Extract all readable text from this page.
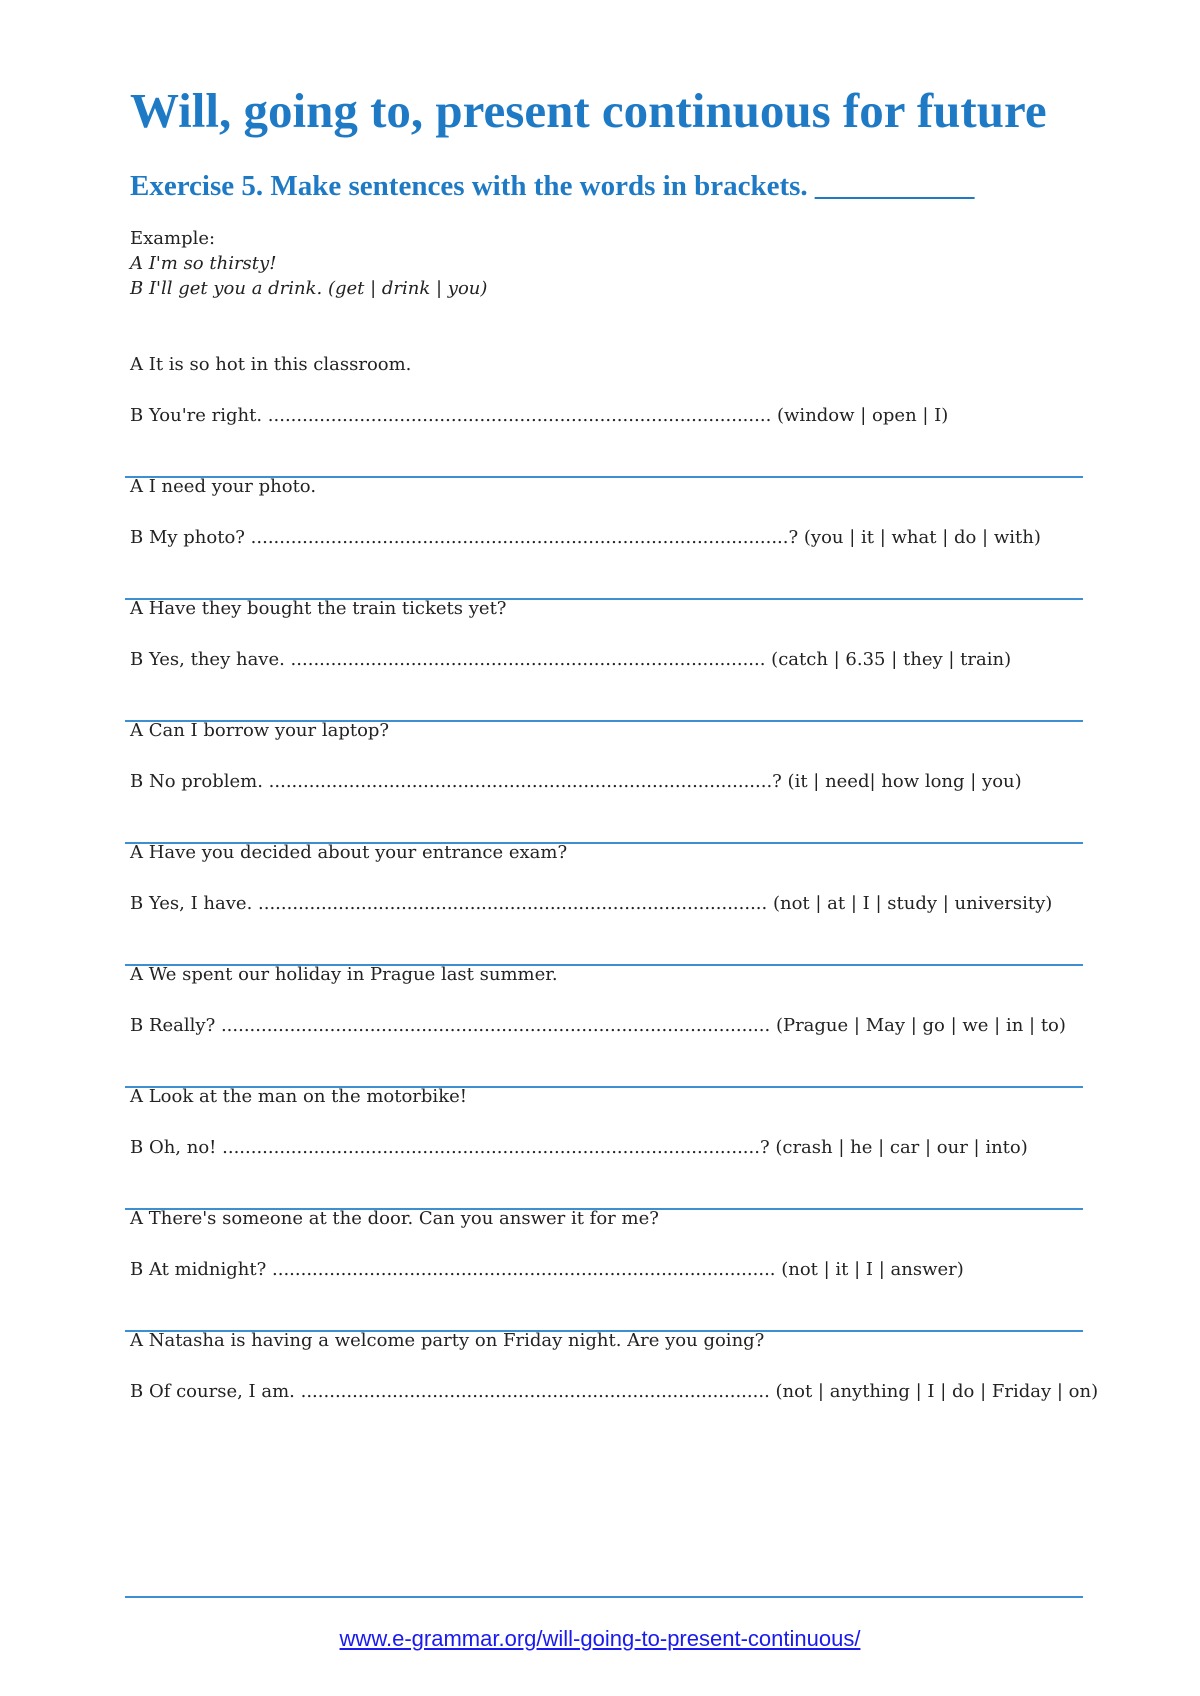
Will, going to, present continuous for future
Exercise 5. Make sentences with the words in brackets. ___________
Example:
A I'm so thirsty!
B I'll get you a drink. (get | drink | you)
A It is so hot in this classroom.
B You're right. ........................................................................................ (window | open | I)
A I need your photo.
B My photo? ..............................................................................................? (you | it | what | do | with)
A Have they bought the train tickets yet?
B Yes, they have. ................................................................................... (catch | 6.35 | they | train)
A Can I borrow your laptop?
B No problem. ........................................................................................? (it | need| how long | you)
A Have you decided about your entrance exam?
B Yes, I have. ......................................................................................... (not | at | I | study | university)
A We spent our holiday in Prague last summer.
B Really? ................................................................................................ (Prague | May | go | we | in | to)
A Look at the man on the motorbike!
B Oh, no! ..............................................................................................? (crash | he | car | our | into)
A There's someone at the door. Can you answer it for me?
B At midnight? ........................................................................................ (not | it | I | answer)
A Natasha is having a welcome party on Friday night. Are you going?
B Of course, I am. .................................................................................. (not | anything | I | do | Friday | on)
www.e-grammar.org/will-going-to-present-continuous/
